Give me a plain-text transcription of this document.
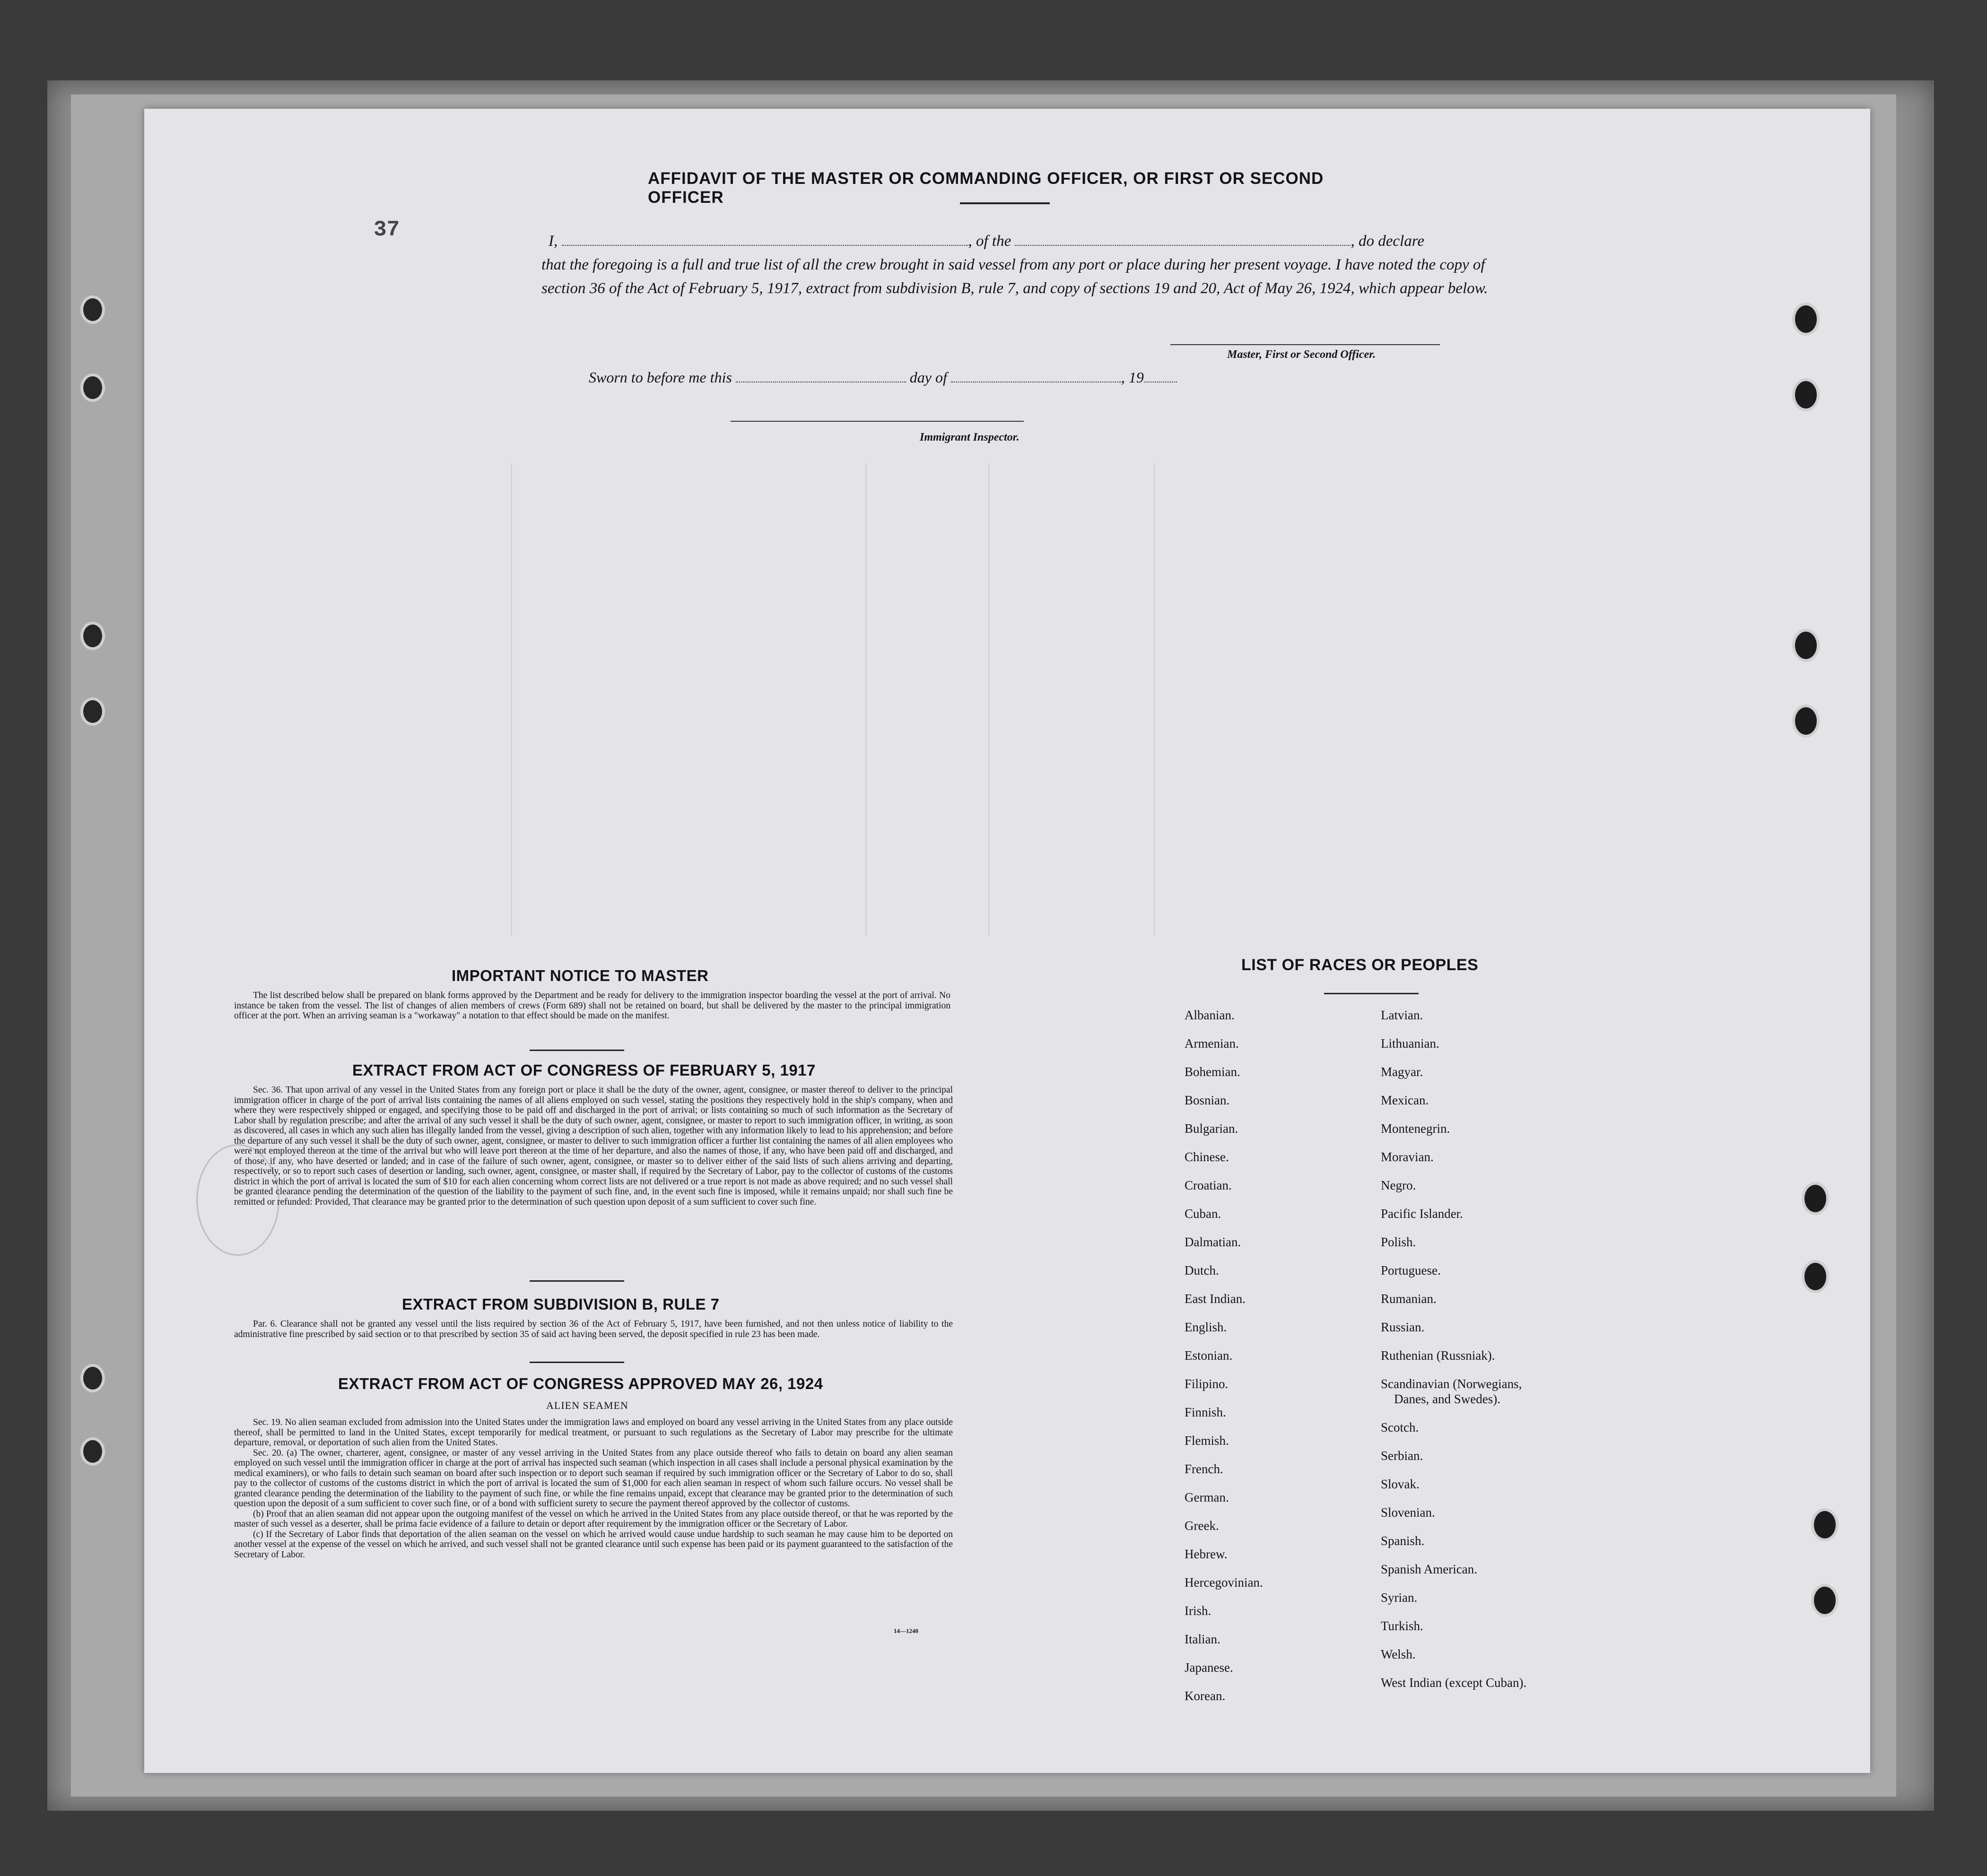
37
AFFIDAVIT OF THE MASTER OR COMMANDING OFFICER, OR FIRST OR SECOND OFFICER
I,	, of the	, do declare
that the foregoing is a full and true list of all the crew brought in said vessel from any port or place during her present voyage. I have noted the copy of section 36 of the Act of February 5, 1917, extract from subdivision B, rule 7, and copy of sections 19 and 20, Act of May 26, 1924, which appear below.
Master, First or Second Officer.
Sworn to before me this	day of	, 19
Immigrant Inspector.
IMPORTANT NOTICE TO MASTER

The list described below shall be prepared on blank forms approved by the Department and be ready for delivery to the immigration inspector boarding the vessel at the port of arrival. No instance be taken from the vessel. The list of changes of alien members of crews (Form 689) shall not be retained on board, but shall be delivered by the master to the principal immigration officer at the port. When an arriving seaman is a "workaway" a notation to that effect should be made on the manifest.

EXTRACT FROM ACT OF CONGRESS OF FEBRUARY 5, 1917

Sec. 36. That upon arrival of any vessel in the United States from any foreign port or place it shall be the duty of the owner, agent, consignee, or master thereof to deliver to the principal immigration officer in charge of the port of arrival lists containing the names of all aliens employed on such vessel, stating the positions they respectively hold in the ship's company, when and where they were respectively shipped or engaged, and specifying those to be paid off and discharged in the port of arrival; or lists containing so much of such information as the Secretary of Labor shall by regulation prescribe; and after the arrival of any such vessel it shall be the duty of such owner, agent, consignee, or master to report to such immigration officer, in writing, as soon as discovered, all cases in which any such alien has illegally landed from the vessel, giving a description of such alien, together with any information likely to lead to his apprehension; and before the departure of any such vessel it shall be the duty of such owner, agent, consignee, or master to deliver to such immigration officer a further list containing the names of all alien employees who were not employed thereon at the time of the arrival but who will leave port thereon at the time of her departure, and also the names of those, if any, who have been paid off and discharged, and of those, if any, who have deserted or landed; and in case of the failure of such owner, agent, consignee, or master so to deliver either of the said lists of such aliens arriving and departing, respectively, or so to report such cases of desertion or landing, such owner, agent, consignee, or master shall, if required by the Secretary of Labor, pay to the collector of customs of the customs district in which the port of arrival is located the sum of $10 for each alien concerning whom correct lists are not delivered or a true report is not made as above required; and no such vessel shall be granted clearance pending the determination of the question of the liability to the payment of such fine, and, in the event such fine is imposed, while it remains unpaid; nor shall such fine be remitted or refunded: Provided, That clearance may be granted prior to the determination of such question upon deposit of a sum sufficient to cover such fine.

EXTRACT FROM SUBDIVISION B, RULE 7

Par. 6. Clearance shall not be granted any vessel until the lists required by section 36 of the Act of February 5, 1917, have been furnished, and not then unless notice of liability to the administrative fine prescribed by said section or to that prescribed by section 35 of said act having been served, the deposit specified in rule 23 has been made.

EXTRACT FROM ACT OF CONGRESS APPROVED MAY 26, 1924
ALIEN SEAMEN

Sec. 19. No alien seaman excluded from admission into the United States under the immigration laws and employed on board any vessel arriving in the United States from any place outside thereof, shall be permitted to land in the United States, except temporarily for medical treatment, or pursuant to such regulations as the Secretary of Labor may prescribe for the ultimate departure, removal, or deportation of such alien from the United States.

Sec. 20. (a) The owner, charterer, agent, consignee, or master of any vessel arriving in the United States from any place outside thereof who fails to detain on board any alien seaman employed on such vessel until the immigration officer in charge at the port of arrival has inspected such seaman (which inspection in all cases shall include a personal physical examination by the medical examiners), or who fails to detain such seaman on board after such inspection or to deport such seaman if required by such immigration officer or the Secretary of Labor to do so, shall pay to the collector of customs of the customs district in which the port of arrival is located the sum of $1,000 for each alien seaman in respect of whom such failure occurs. No vessel shall be granted clearance pending the determination of the liability to the payment of such fine, or while the fine remains unpaid, except that clearance may be granted prior to the determination of such question upon the deposit of a sum sufficient to cover such fine, or of a bond with sufficient surety to secure the payment thereof approved by the collector of customs.

(b) Proof that an alien seaman did not appear upon the outgoing manifest of the vessel on which he arrived in the United States from any place outside thereof, or that he was reported by the master of such vessel as a deserter, shall be prima facie evidence of a failure to detain or deport after requirement by the immigration officer or the Secretary of Labor.

(c) If the Secretary of Labor finds that deportation of the alien seaman on the vessel on which he arrived would cause undue hardship to such seaman he may cause him to be deported on another vessel at the expense of the vessel on which he arrived, and such vessel shall not be granted clearance until such expense has been paid or its payment guaranteed to the satisfaction of the Secretary of Labor.

14—1240
LIST OF RACES OR PEOPLES
Albanian.
Armenian.
Bohemian.
Bosnian.
Bulgarian.
Chinese.
Croatian.
Cuban.
Dalmatian.
Dutch.
East Indian.
English.
Estonian.
Filipino.
Finnish.
Flemish.
French.
German.
Greek.
Hebrew.
Hercegovinian.
Irish.
Italian.
Japanese.
Korean.
Latvian.
Lithuanian.
Magyar.
Mexican.
Montenegrin.
Moravian.
Negro.
Pacific Islander.
Polish.
Portuguese.
Rumanian.
Russian.
Ruthenian (Russniak).
Scandinavian (Norwegians,
Danes, and Swedes).
Scotch.
Serbian.
Slovak.
Slovenian.
Spanish.
Spanish American.
Syrian.
Turkish.
Welsh.
West Indian (except Cuban).
